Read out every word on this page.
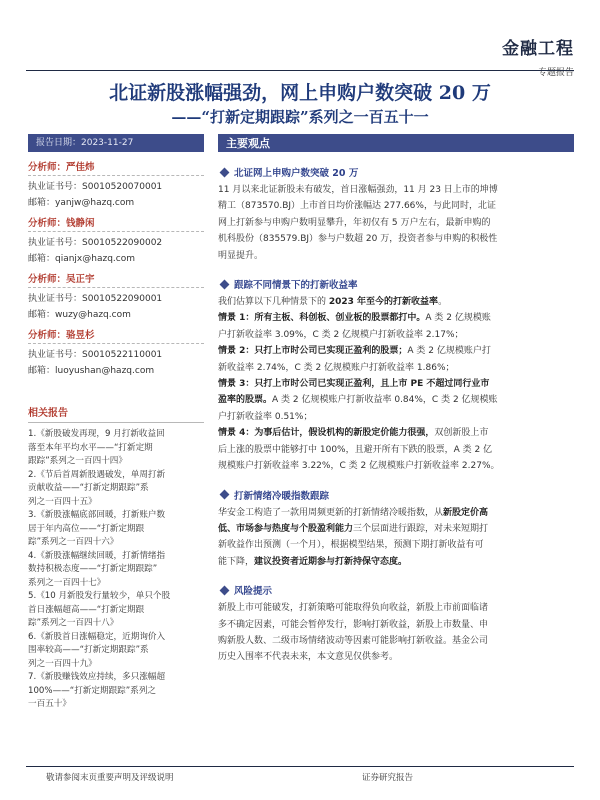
金融工程
专题报告
北证新股涨幅强劲，网上申购户数突破 20 万
——“打新定期跟踪”系列之一百五十一
报告日期：2023-11-27
分析师：严佳炜
执业证书号：S0010520070001
邮箱：yanjw@hazq.com
分析师：钱静闲
执业证书号：S0010522090002
邮箱：qianjx@hazq.com
分析师：吴正宇
执业证书号：S0010522090001
邮箱：wuzy@hazq.com
分析师：骆昱杉
执业证书号：S0010522110001
邮箱：luoyushan@hazq.com
相关报告
1.《新股破发再现，9 月打新收益回
落至本年平均水平——“打新定期
跟踪”系列之一百四十四》
2.《节后首周新股遇破发，单周打新
贡献收益——“打新定期跟踪”系
列之一百四十五》
3.《新股涨幅底部回暖，打新账户数
居于年内高位——“打新定期跟
踪”系列之一百四十六》
4.《新股涨幅继续回暖，打新情绪指
数持积极态度——“打新定期跟踪”
系列之一百四十七》
5.《10 月新股发行量较少，单只个股
首日涨幅超高——“打新定期跟
踪”系列之一百四十八》
6.《新股首日涨幅稳定，近期询价入
围率较高——“打新定期跟踪”系
列之一百四十九》
7.《新股赚钱效应持续，多只涨幅超
100%——“打新定期跟踪”系列之
一百五十》
主要观点
北证网上申购户数突破 20 万
11 月以来北证新股未有破发，首日涨幅强劲，11 月 23 日上市的坤博
精工（873570.BJ）上市首日均价涨幅达 277.66%，与此同时，北证
网上打新参与申购户数明显攀升，年初仅有 5 万户左右，最新申购的
机科股份（835579.BJ）参与户数超 20 万，投资者参与申购的积极性
明显提升。
跟踪不同情景下的打新收益率
我们估算以下几种情景下的 2023 年至今的打新收益率。
情景 1：所有主板、科创板、创业板的股票都打中。A 类 2 亿规模账
户打新收益率 3.09%，C 类 2 亿规模户打新收益率 2.17%；
情景 2：只打上市时公司已实现正盈利的股票；A 类 2 亿规模账户打
新收益率 2.74%，C 类 2 亿规模账户打新收益率 1.86%；
情景 3：只打上市时公司已实现正盈利，且上市 PE 不超过同行业市
盈率的股票。A 类 2 亿规模账户打新收益率 0.84%，C 类 2 亿规模账
户打新收益率 0.51%；
情景 4：为事后估计，假设机构的新股定价能力很强，双创新股上市
后上涨的股票中能够打中 100%，且避开所有下跌的股票，A 类 2 亿
规模账户打新收益率 3.22%，C 类 2 亿规模账户打新收益率 2.27%。
打新情绪冷暖指数跟踪
华安金工构造了一款用周频更新的打新情绪冷暖指数，从新股定价高
低、市场参与热度与个股盈利能力三个层面进行跟踪，对未来短期打
新收益作出预测（一个月），根据模型结果，预测下期打新收益有可
能下降，建议投资者近期参与打新持保守态度。
风险提示
新股上市可能破发，打新策略可能取得负向收益，新股上市前面临诸
多不确定因素，可能会暂停发行，影响打新收益，新股上市数量、申
购新股人数、二级市场情绪波动等因素可能影响打新收益。基金公司
历史入围率不代表未来，本文意见仅供参考。
敬请参阅末页重要声明及评级说明	证券研究报告
